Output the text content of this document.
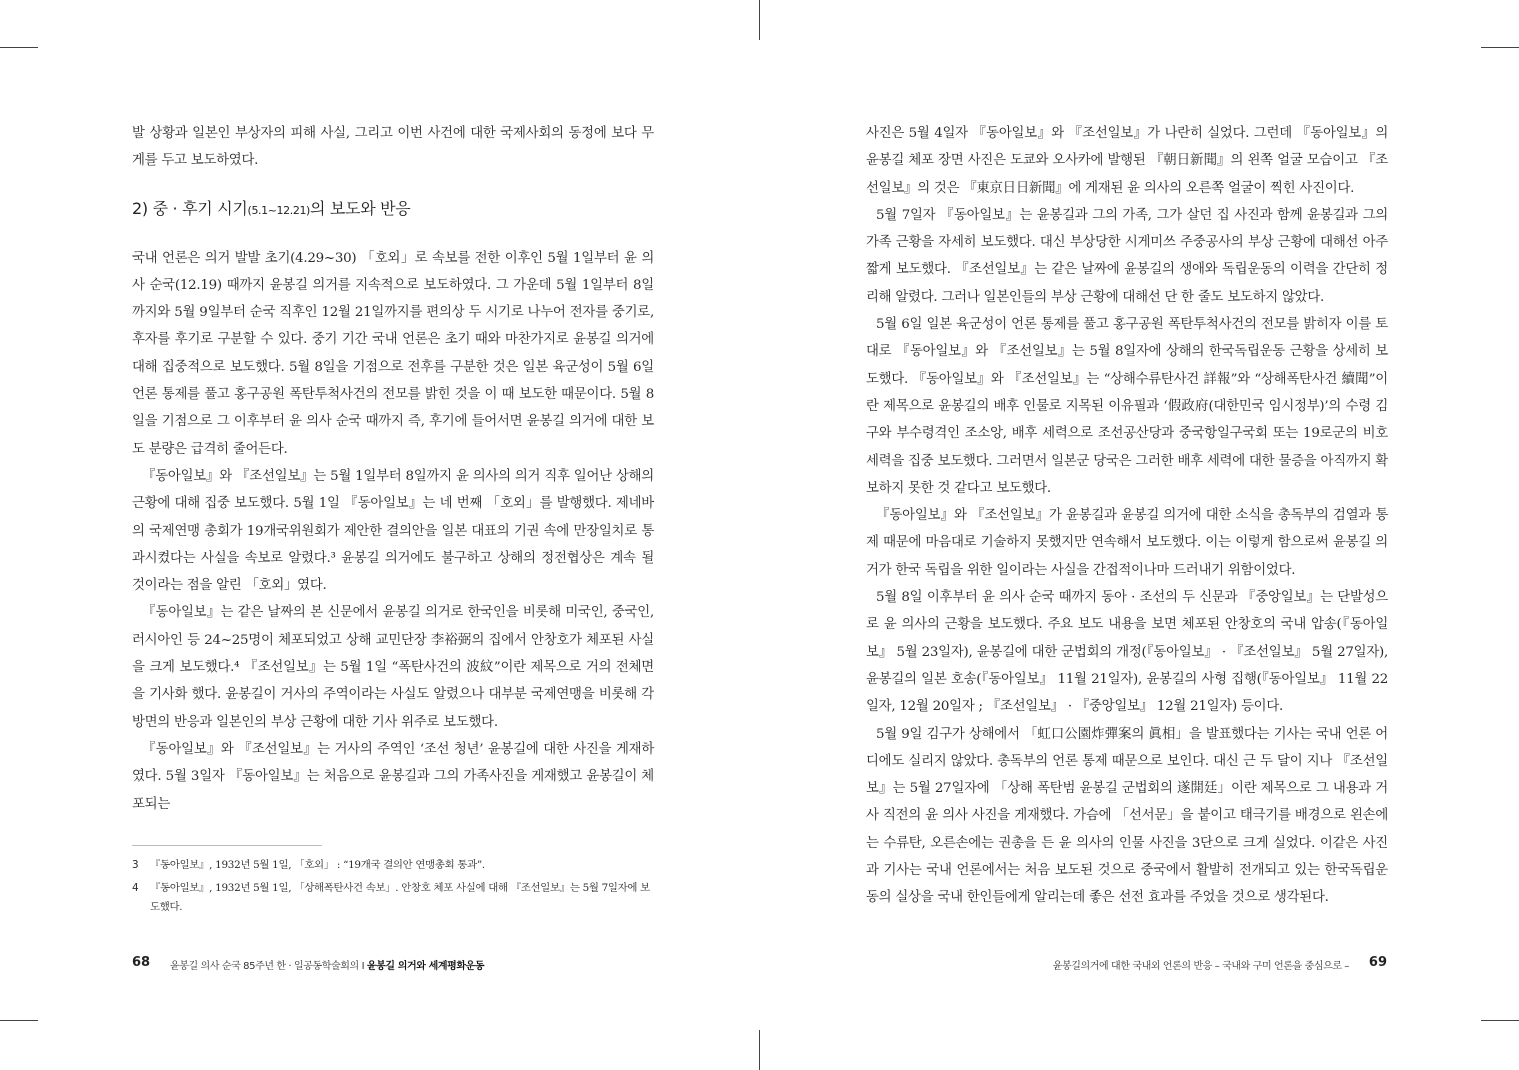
발 상황과 일본인 부상자의 피해 사실, 그리고 이번 사건에 대한 국제사회의 동정에 보다 무게를 두고 보도하였다.

2) 중 · 후기 시기(5.1~12.21)의 보도와 반응

국내 언론은 의거 발발 초기(4.29~30) 「호외」로 속보를 전한 이후인 5월 1일부터 윤 의사 순국(12.19) 때까지 윤봉길 의거를 지속적으로 보도하였다. 그 가운데 5월 1일부터 8일까지와 5월 9일부터 순국 직후인 12월 21일까지를 편의상 두 시기로 나누어 전자를 중기로, 후자를 후기로 구분할 수 있다. 중기 기간 국내 언론은 초기 때와 마찬가지로 윤봉길 의거에 대해 집중적으로 보도했다. 5월 8일을 기점으로 전후를 구분한 것은 일본 육군성이 5월 6일 언론 통제를 풀고 홍구공원 폭탄투척사건의 전모를 밝힌 것을 이 때 보도한 때문이다. 5월 8일을 기점으로 그 이후부터 윤 의사 순국 때까지 즉, 후기에 들어서면 윤봉길 의거에 대한 보도 분량은 급격히 줄어든다.

『동아일보』와 『조선일보』는 5월 1일부터 8일까지 윤 의사의 의거 직후 일어난 상해의 근황에 대해 집중 보도했다. 5월 1일 『동아일보』는 네 번째 「호외」를 발행했다. 제네바의 국제연맹 총회가 19개국위원회가 제안한 결의안을 일본 대표의 기권 속에 만장일치로 통과시켰다는 사실을 속보로 알렸다.³ 윤봉길 의거에도 불구하고 상해의 정전협상은 계속 될 것이라는 점을 알린 「호외」였다.

『동아일보』는 같은 날짜의 본 신문에서 윤봉길 의거로 한국인을 비롯해 미국인, 중국인, 러시아인 등 24~25명이 체포되었고 상해 교민단장 李裕弼의 집에서 안창호가 체포된 사실을 크게 보도했다.⁴ 『조선일보』는 5월 1일 “폭탄사건의 波紋”이란 제목으로 거의 전체면을 기사화 했다. 윤봉길이 거사의 주역이라는 사실도 알렸으나 대부분 국제연맹을 비롯해 각 방면의 반응과 일본인의 부상 근황에 대한 기사 위주로 보도했다.

『동아일보』와 『조선일보』는 거사의 주역인 ‘조선 청년’ 윤봉길에 대한 사진을 게재하였다. 5월 3일자 『동아일보』는 처음으로 윤봉길과 그의 가족사진을 게재했고 윤봉길이 체포되는

3 『동아일보』, 1932년 5월 1일, 「호외」 : “19개국 결의안 연맹총회 통과”.

4 『동아일보』, 1932년 5월 1일, 「상해폭탄사건 속보」. 안창호 체포 사실에 대해 『조선일보』는 5월 7일자에 보도했다.

68 윤봉길 의사 순국 85주년 한 · 일공동학술회의 I 윤봉길 의거와 세계평화운동

사진은 5월 4일자 『동아일보』와 『조선일보』가 나란히 실었다. 그런데 『동아일보』의 윤봉길 체포 장면 사진은 도쿄와 오사카에 발행된 『朝日新聞』의 왼쪽 얼굴 모습이고 『조선일보』의 것은 『東京日日新聞』에 게재된 윤 의사의 오른쪽 얼굴이 찍힌 사진이다.

5월 7일자 『동아일보』는 윤봉길과 그의 가족, 그가 살던 집 사진과 함께 윤봉길과 그의 가족 근황을 자세히 보도했다. 대신 부상당한 시게미쓰 주중공사의 부상 근황에 대해선 아주 짧게 보도했다. 『조선일보』는 같은 날짜에 윤봉길의 생애와 독립운동의 이력을 간단히 정리해 알렸다. 그러나 일본인들의 부상 근황에 대해선 단 한 줄도 보도하지 않았다.

5월 6일 일본 육군성이 언론 통제를 풀고 홍구공원 폭탄투척사건의 전모를 밝히자 이를 토대로 『동아일보』와 『조선일보』는 5월 8일자에 상해의 한국독립운동 근황을 상세히 보도했다. 『동아일보』와 『조선일보』는 “상해수류탄사건 詳報”와 “상해폭탄사건 續聞”이란 제목으로 윤봉길의 배후 인물로 지목된 이유필과 ‘假政府(대한민국 임시정부)’의 수령 김구와 부수령격인 조소앙, 배후 세력으로 조선공산당과 중국항일구국회 또는 19로군의 비호 세력을 집중 보도했다. 그러면서 일본군 당국은 그러한 배후 세력에 대한 물증을 아직까지 확보하지 못한 것 같다고 보도했다.

『동아일보』와 『조선일보』가 윤봉길과 윤봉길 의거에 대한 소식을 총독부의 검열과 통제 때문에 마음대로 기술하지 못했지만 연속해서 보도했다. 이는 이렇게 함으로써 윤봉길 의거가 한국 독립을 위한 일이라는 사실을 간접적이나마 드러내기 위함이었다.

5월 8일 이후부터 윤 의사 순국 때까지 동아 · 조선의 두 신문과 『중앙일보』는 단발성으로 윤 의사의 근황을 보도했다. 주요 보도 내용을 보면 체포된 안창호의 국내 압송(『동아일보』 5월 23일자), 윤봉길에 대한 군법회의 개정(『동아일보』 · 『조선일보』 5월 27일자), 윤봉길의 일본 호송(『동아일보』 11월 21일자), 윤봉길의 사형 집행(『동아일보』 11월 22일자, 12월 20일자 ; 『조선일보』 · 『중앙일보』 12월 21일자) 등이다.

5월 9일 김구가 상해에서 「虹口公園炸彈案의 眞相」을 발표했다는 기사는 국내 언론 어디에도 실리지 않았다. 총독부의 언론 통제 때문으로 보인다. 대신 근 두 달이 지나 『조선일보』는 5월 27일자에 「상해 폭탄범 윤봉길 군법회의 遂開廷」이란 제목으로 그 내용과 거사 직전의 윤 의사 사진을 게재했다. 가슴에 「선서문」을 붙이고 태극기를 배경으로 왼손에는 수류탄, 오른손에는 권총을 든 윤 의사의 인물 사진을 3단으로 크게 실었다. 이같은 사진과 기사는 국내 언론에서는 처음 보도된 것으로 중국에서 활발히 전개되고 있는 한국독립운동의 실상을 국내 한인들에게 알리는데 좋은 선전 효과를 주었을 것으로 생각된다.

윤봉길의거에 대한 국내외 언론의 반응 – 국내와 구미 언론을 중심으로 – 69
